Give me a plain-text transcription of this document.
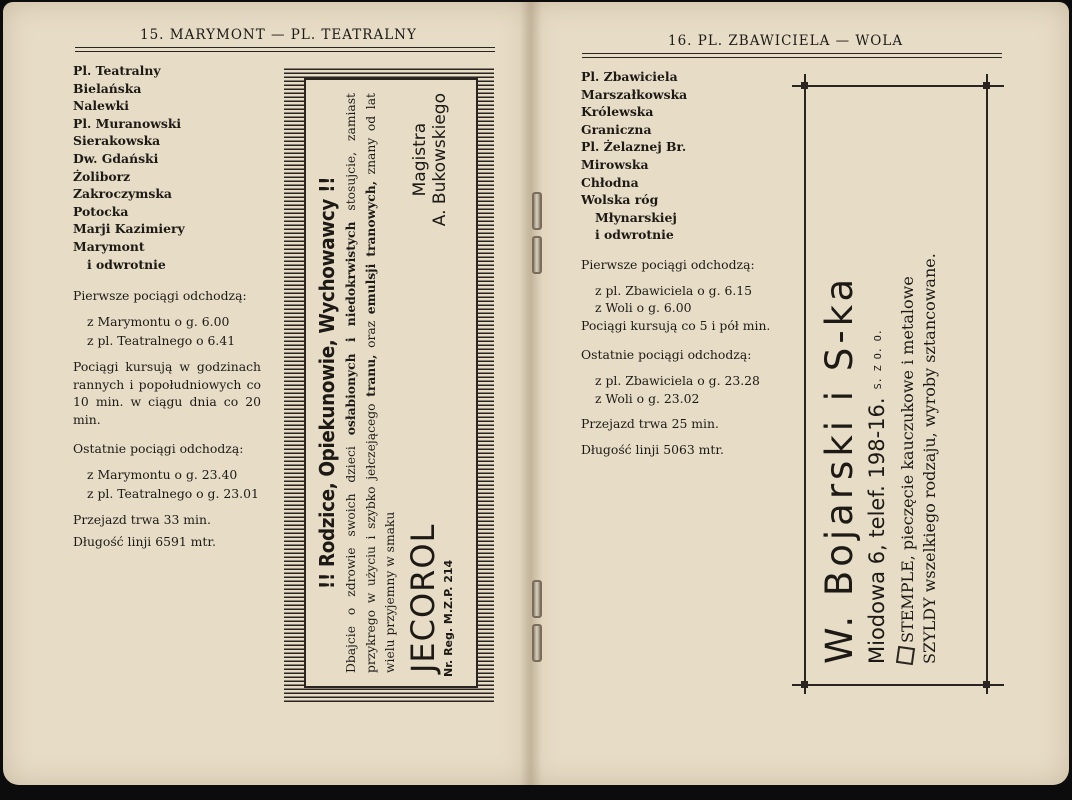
15. MARYMONT — PL. TEATRALNY
Pl. Teatralny
Bielańska
Nalewki
Pl. Muranowski
Sierakowska
Dw. Gdański
Żoliborz
Zakroczymska
Potocka
Marji Kazimiery
Marymont
i odwrotnie
Pierwsze pociągi odchodzą:
z Marymontu o g. 6.00
z pl. Teatralnego o 6.41
Pociągi kursują w godzinach rannych i popołudniowych co 10 min. w ciągu dnia co 20 min.
Ostatnie pociągi odchodzą:
z Marymontu o g. 23.40
z pl. Teatralnego o g. 23.01
Przejazd trwa 33 min.
Długość linji 6591 mtr.	!! Rodzice, Opiekunowie, Wychowawcy !! Dbajcie o zdrowie swoich dzieci osłabionych i niedokrwistych stosujcie, zamiast przykrego w użyciu i szybko jełczejącego tranu, oraz emulsji tranowych, znany od lat wielu przyjemny w smaku JECOROL Nr. Reg. M.Z.P. 214
Magistra A. Bukowskiego
16. PL. ZBAWICIELA — WOLA
Pl. Zbawiciela
Marszałkowska
Królewska
Graniczna
Pl. Żelaznej Br.
Mirowska
Chłodna
Wolska róg
Młynarskiej
i odwrotnie
Pierwsze pociągi odchodzą:
z pl. Zbawiciela o g. 6.15
z Woli o g. 6.00
Pociągi kursują co 5 i pół min.
Ostatnie pociągi odchodzą:
z pl. Zbawiciela o g. 23.28
z Woli o g. 23.02
Przejazd trwa 25 min.
Długość linji 5063 mtr.	W. Bojarski i S-ka Miodowa 6, telef. 198-16.S. Z O. O. STEMPLE, pieczęcie kauczukowe i metalowe SZYLDY wszelkiego rodzaju, wyroby sztancowane.
